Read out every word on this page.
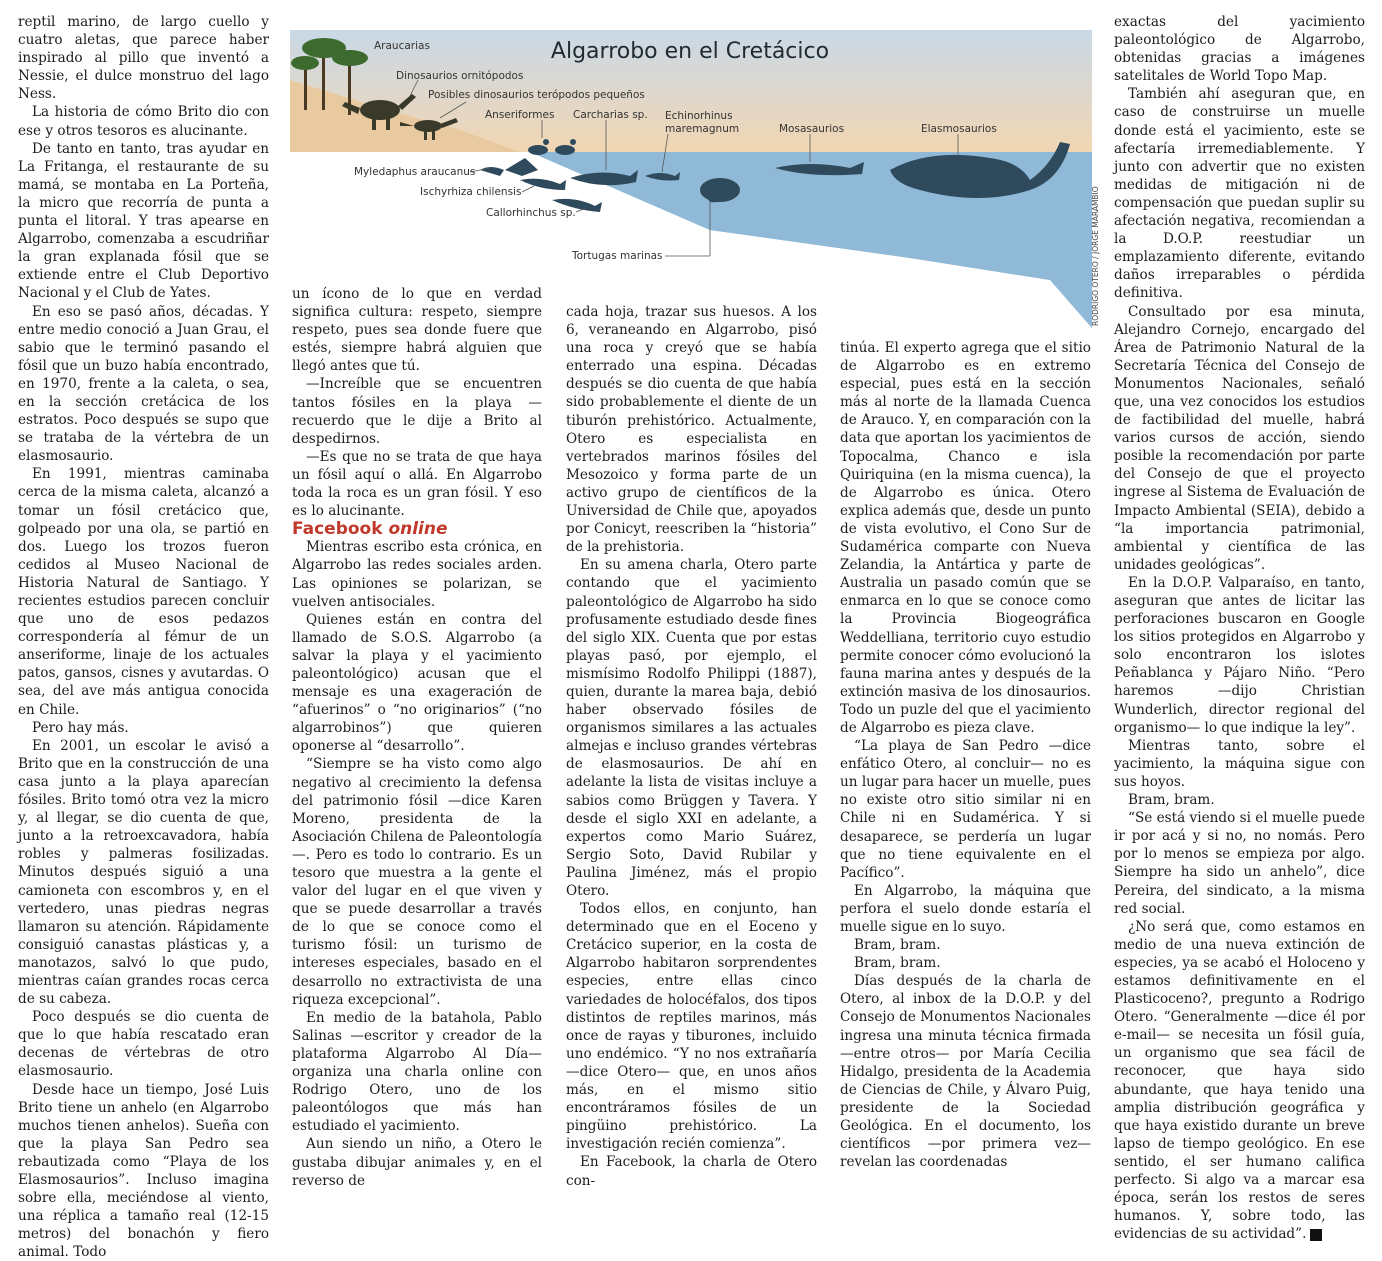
Algarrobo en el Cretácico
Araucarias
Dinosaurios ornitópodos
Posibles dinosaurios terópodos pequeños
Anseriformes Carcharias sp. Echinorhinus
maremagnum	Mosasaurios	Elasmosaurios
Myledaphus araucanus
Ischyrhiza chilensis
Callorhinchus sp.
Tortugas marinas	RODRIGO OTERO / JORGE MARAMBIO

reptil marino, de largo cuello y cuatro aletas, que parece haber inspirado al pillo que inventó a Nessie, el dulce monstruo del lago Ness.

La historia de cómo Brito dio con ese y otros tesoros es alucinante.

De tanto en tanto, tras ayudar en La Fritanga, el restaurante de su mamá, se montaba en La Porteña, la micro que recorría de punta a punta el litoral. Y tras apearse en Algarrobo, comenzaba a escudriñar la gran explanada fósil que se extiende entre el Club Deportivo Nacional y el Club de Yates.

En eso se pasó años, décadas. Y entre medio conoció a Juan Grau, el sabio que le terminó pasando el fósil que un buzo había encontrado, en 1970, frente a la caleta, o sea, en la sección cretácica de los estratos. Poco después se supo que se trataba de la vértebra de un elasmosaurio.

En 1991, mientras caminaba cerca de la misma caleta, alcanzó a tomar un fósil cretácico que, golpeado por una ola, se partió en dos. Luego los trozos fueron cedidos al Museo Nacional de Historia Natural de Santiago. Y recientes estudios parecen concluir que uno de esos pedazos correspondería al fémur de un anseriforme, linaje de los actuales patos, gansos, cisnes y avutardas. O sea, del ave más antigua conocida en Chile.

Pero hay más.

En 2001, un escolar le avisó a Brito que en la construcción de una casa junto a la playa aparecían fósiles. Brito tomó otra vez la micro y, al llegar, se dio cuenta de que, junto a la retroexcavadora, había robles y palmeras fosilizadas. Minutos después siguió a una camioneta con escombros y, en el vertedero, unas piedras negras llamaron su atención. Rápidamente consiguió canastas plásticas y, a manotazos, salvó lo que pudo, mientras caían grandes rocas cerca de su cabeza.

Poco después se dio cuenta de que lo que había rescatado eran decenas de vértebras de otro elasmosaurio.

Desde hace un tiempo, José Luis Brito tiene un anhelo (en Algarrobo muchos tienen anhelos). Sueña con que la playa San Pedro sea rebautizada como “Playa de los Elasmosaurios”. Incluso imagina sobre ella, meciéndose al viento, una réplica a tamaño real (12-15 metros) del bonachón y fiero animal. Todo

un ícono de lo que en verdad significa cultura: respeto, siempre respeto, pues sea donde fuere que estés, siempre habrá alguien que llegó antes que tú.

—Increíble que se encuentren tantos fósiles en la playa —recuerdo que le dije a Brito al despedirnos.

—Es que no se trata de que haya un fósil aquí o allá. En Algarrobo toda la roca es un gran fósil. Y eso es lo alucinante.

Facebook online

Mientras escribo esta crónica, en Algarrobo las redes sociales arden. Las opiniones se polarizan, se vuelven antisociales.

Quienes están en contra del llamado de S.O.S. Algarrobo (a salvar la playa y el yacimiento paleontológico) acusan que el mensaje es una exageración de “afuerinos” o “no originarios” (“no algarrobinos”) que quieren oponerse al “desarrollo”.

“Siempre se ha visto como algo negativo al crecimiento la defensa del patrimonio fósil —dice Karen Moreno, presidenta de la Asociación Chilena de Paleontología—. Pero es todo lo contrario. Es un tesoro que muestra a la gente el valor del lugar en el que viven y que se puede desarrollar a través de lo que se conoce como el turismo fósil: un turismo de intereses especiales, basado en el desarrollo no extractivista de una riqueza excepcional”.

En medio de la batahola, Pablo Salinas —escritor y creador de la plataforma Algarrobo Al Día— organiza una charla online con Rodrigo Otero, uno de los paleontólogos que más han estudiado el yacimiento.

Aun siendo un niño, a Otero le gustaba dibujar animales y, en el reverso de

cada hoja, trazar sus huesos. A los 6, veraneando en Algarrobo, pisó una roca y creyó que se había enterrado una espina. Décadas después se dio cuenta de que había sido probablemente el diente de un tiburón prehistórico. Actualmente, Otero es especialista en vertebrados marinos fósiles del Mesozoico y forma parte de un activo grupo de científicos de la Universidad de Chile que, apoyados por Conicyt, reescriben la “historia” de la prehistoria.

En su amena charla, Otero parte contando que el yacimiento paleontológico de Algarrobo ha sido profusamente estudiado desde fines del siglo XIX. Cuenta que por estas playas pasó, por ejemplo, el mismísimo Rodolfo Philippi (1887), quien, durante la marea baja, debió haber observado fósiles de organismos similares a las actuales almejas e incluso grandes vértebras de elasmosaurios. De ahí en adelante la lista de visitas incluye a sabios como Brüggen y Tavera. Y desde el siglo XXI en adelante, a expertos como Mario Suárez, Sergio Soto, David Rubilar y Paulina Jiménez, más el propio Otero.

Todos ellos, en conjunto, han determinado que en el Eoceno y Cretácico superior, en la costa de Algarrobo habitaron sorprendentes especies, entre ellas cinco variedades de holocéfalos, dos tipos distintos de reptiles marinos, más once de rayas y tiburones, incluido uno endémico. “Y no nos extrañaría —dice Otero— que, en unos años más, en el mismo sitio encontráramos fósiles de un pingüino prehistórico. La investigación recién comienza”.

En Facebook, la charla de Otero con-

tinúa. El experto agrega que el sitio de Algarrobo es en extremo especial, pues está en la sección más al norte de la llamada Cuenca de Arauco. Y, en comparación con la data que aportan los yacimientos de Topocalma, Chanco e isla Quiriquina (en la misma cuenca), la de Algarrobo es única. Otero explica además que, desde un punto de vista evolutivo, el Cono Sur de Sudamérica comparte con Nueva Zelandia, la Antártica y parte de Australia un pasado común que se enmarca en lo que se conoce como la Provincia Biogeográfica Weddelliana, territorio cuyo estudio permite conocer cómo evolucionó la fauna marina antes y después de la extinción masiva de los dinosaurios. Todo un puzle del que el yacimiento de Algarrobo es pieza clave.

“La playa de San Pedro —dice enfático Otero, al concluir— no es un lugar para hacer un muelle, pues no existe otro sitio similar ni en Chile ni en Sudamérica. Y si desaparece, se perdería un lugar que no tiene equivalente en el Pacífico”.

En Algarrobo, la máquina que perfora el suelo donde estaría el muelle sigue en lo suyo.

Bram, bram.

Bram, bram.

Días después de la charla de Otero, al inbox de la D.O.P. y del Consejo de Monumentos Nacionales ingresa una minuta técnica firmada —entre otros— por María Cecilia Hidalgo, presidenta de la Academia de Ciencias de Chile, y Álvaro Puig, presidente de la Sociedad Geológica. En el documento, los científicos —por primera vez— revelan las coordenadas

exactas del yacimiento paleontológico de Algarrobo, obtenidas gracias a imágenes satelitales de World Topo Map.

También ahí aseguran que, en caso de construirse un muelle donde está el yacimiento, este se afectaría irremediablemente. Y junto con advertir que no existen medidas de mitigación ni de compensación que puedan suplir su afectación negativa, recomiendan a la D.O.P. reestudiar un emplazamiento diferente, evitando daños irreparables o pérdida definitiva.

Consultado por esa minuta, Alejandro Cornejo, encargado del Área de Patrimonio Natural de la Secretaría Técnica del Consejo de Monumentos Nacionales, señaló que, una vez conocidos los estudios de factibilidad del muelle, habrá varios cursos de acción, siendo posible la recomendación por parte del Consejo de que el proyecto ingrese al Sistema de Evaluación de Impacto Ambiental (SEIA), debido a “la importancia patrimonial, ambiental y científica de las unidades geológicas”.

En la D.O.P. Valparaíso, en tanto, aseguran que antes de licitar las perforaciones buscaron en Google los sitios protegidos en Algarrobo y solo encontraron los islotes Peñablanca y Pájaro Niño. “Pero haremos —dijo Christian Wunderlich, director regional del organismo— lo que indique la ley”.

Mientras tanto, sobre el yacimiento, la máquina sigue con sus hoyos.

Bram, bram.

“Se está viendo si el muelle puede ir por acá y si no, no nomás. Pero por lo menos se empieza por algo. Siempre ha sido un anhelo”, dice Pereira, del sindicato, a la misma red social.

¿No será que, como estamos en medio de una nueva extinción de especies, ya se acabó el Holoceno y estamos definitivamente en el Plasticoceno?, pregunto a Rodrigo Otero. “Generalmente —dice él por e-mail— se necesita un fósil guía, un organismo que sea fácil de reconocer, que haya sido abundante, que haya tenido una amplia distribución geográfica y que haya existido durante un breve lapso de tiempo geológico. En ese sentido, el ser humano califica perfecto. Si algo va a marcar esa época, serán los restos de seres humanos. Y, sobre todo, las evidencias de su actividad”. D
